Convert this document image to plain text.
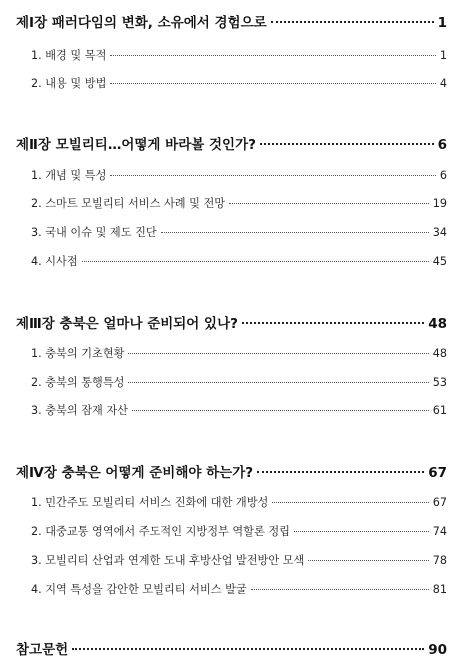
제Ⅰ장 패러다임의 변화, 소유에서 경험으로	1
1. 배경 및 목적	1
2. 내용 및 방법	4
제Ⅱ장 모빌리티…어떻게 바라볼 것인가?	6
1. 개념 및 특성	6
2. 스마트 모빌리티 서비스 사례 및 전망	19
3. 국내 이슈 및 제도 진단	34
4. 시사점	45
제Ⅲ장 충북은 얼마나 준비되어 있나?	48
1. 충북의 기초현황	48
2. 충북의 통행특성	53
3. 충북의 잠재 자산	61
제Ⅳ장 충북은 어떻게 준비해야 하는가?	67
1. 민간주도 모빌리티 서비스 진화에 대한 개방성	67
2. 대중교통 영역에서 주도적인 지방정부 역할론 정립	74
3. 모빌리티 산업과 연계한 도내 후방산업 발전방안 모색	78
4. 지역 특성을 감안한 모빌리티 서비스 발굴	81
참고문헌	90
